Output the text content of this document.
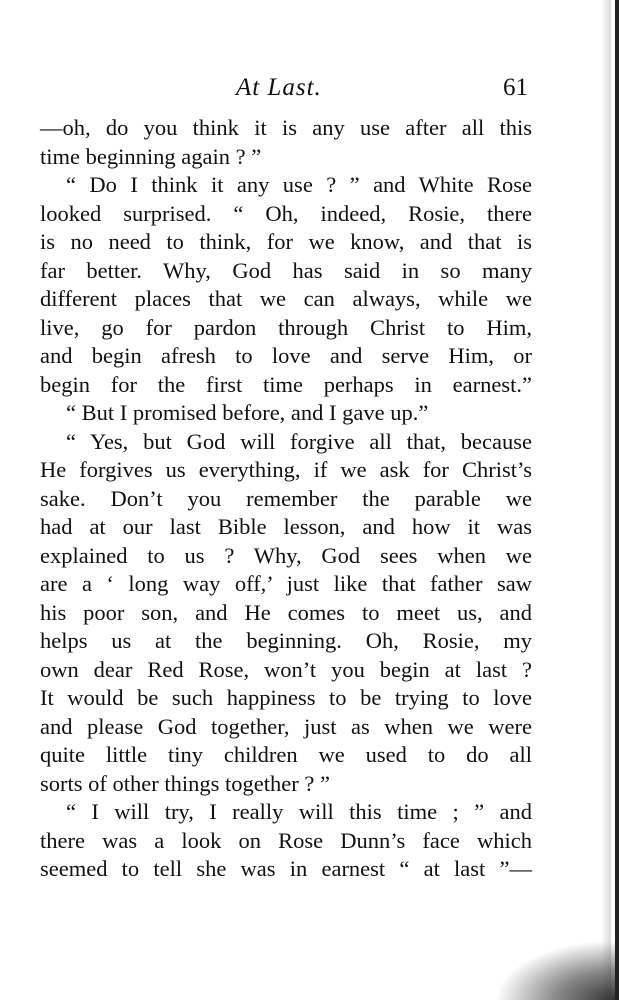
At Last.	61
—oh, do you think it is any use after all this
time beginning again ? ”
“ Do I think it any use ? ” and White Rose
looked surprised. “ Oh, indeed, Rosie, there
is no need to think, for we know, and that is
far better. Why, God has said in so many
different places that we can always, while we
live, go for pardon through Christ to Him,
and begin afresh to love and serve Him, or
begin for the first time perhaps in earnest.”
“ But I promised before, and I gave up.”
“ Yes, but God will forgive all that, because
He forgives us everything, if we ask for Christ’s
sake. Don’t you remember the parable we
had at our last Bible lesson, and how it was
explained to us ? Why, God sees when we
are a ‘ long way off,’ just like that father saw
his poor son, and He comes to meet us, and
helps us at the beginning. Oh, Rosie, my
own dear Red Rose, won’t you begin at last ?
It would be such happiness to be trying to love
and please God together, just as when we were
quite little tiny children we used to do all
sorts of other things together ? ”
“ I will try, I really will this time ; ” and
there was a look on Rose Dunn’s face which
seemed to tell she was in earnest “ at last ”—
